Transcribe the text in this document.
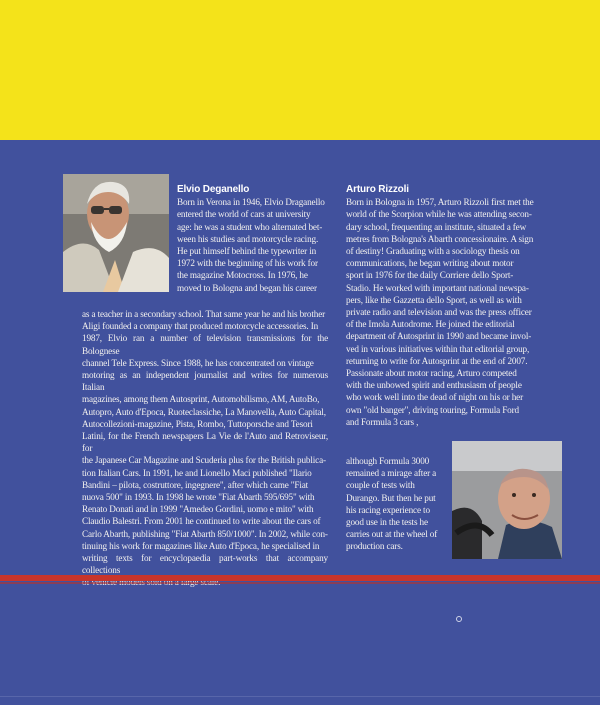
Elvio Deganello

Born in Verona in 1946, Elvio Draganello

entered the world of cars at university

age: he was a student who alternated bet-

ween his studies and motorcycle racing.

He put himself behind the typewriter in

1972 with the beginning of his work for

the magazine Motocross. In 1976, he

moved to Bologna and began his career

as a teacher in a secondary school. That same year he and his brother

Aligi founded a company that produced motorcycle accessories. In

1987, Elvio ran a number of television transmissions for the Bolognese

channel Tele Express. Since 1988, he has concentrated on vintage

motoring as an independent journalist and writes for numerous Italian

magazines, among them Autosprint, Automobilismo, AM, AutoBo,

Autopro, Auto d'Epoca, Ruoteclassiche, La Manovella, Auto Capital,

Autocollezioni-magazine, Pista, Rombo, Tuttoporsche and Tesori

Latini, for the French newspapers La Vie de l'Auto and Retroviseur, for

the Japanese Car Magazine and Scuderia plus for the British publica-

tion Italian Cars. In 1991, he and Lionello Maci published "Ilario

Bandini – pilota, costruttore, ingegnere", after which came "Fiat

nuova 500" in 1993. In 1998 he wrote "Fiat Abarth 595/695" with

Renato Donati and in 1999 "Amedeo Gordini, uomo e mito" with

Claudio Balestri. From 2001 he continued to write about the cars of

Carlo Abarth, publishing "Fiat Abarth 850/1000". In 2002, while con-

tinuing his work for magazines like Auto d'Epoca, he specialised in

writing texts for encyclopaedia part-works that accompany collections

Arturo Rizzoli

Born in Bologna in 1957, Arturo Rizzoli first met the

world of the Scorpion while he was attending secon-

dary school, frequenting an institute, situated a few

metres from Bologna's Abarth concessionaire. A sign

of destiny! Graduating with a sociology thesis on

communications, he began writing about motor

sport in 1976 for the daily Corriere dello Sport-

Stadio. He worked with important national newspa-

pers, like the Gazzetta dello Sport, as well as with

private radio and television and was the press officer

of the Imola Autodrome. He joined the editorial

department of Autosprint in 1990 and became invol-

ved in various initiatives within that editorial group,

returning to write for Autosprint at the end of 2007.

Passionate about motor racing, Arturo competed

with the unbowed spirit and enthusiasm of people

who work well into the dead of night on his or her

own "old banger", driving touring, Formula Ford

and Formula 3 cars ,

although Formula 3000

remained a mirage after a

couple of tests with

Durango. But then he put

his racing experience to

good use in the tests he

carries out at the wheel of

production cars.
